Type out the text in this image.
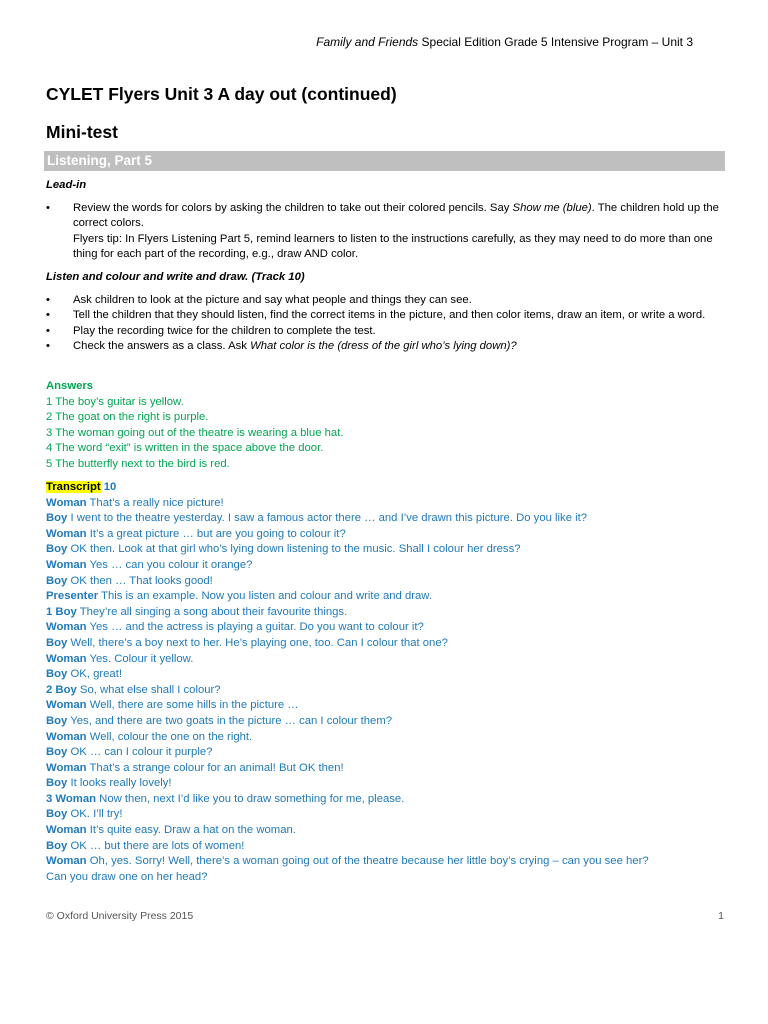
Family and Friends Special Edition Grade 5 Intensive Program – Unit 3
CYLET Flyers Unit 3 A day out (continued)
Mini-test
Listening, Part 5
Lead-in
• Review the words for colors by asking the children to take out their colored pencils. Say Show me (blue). The children hold up the correct colors.
Flyers tip: In Flyers Listening Part 5, remind learners to listen to the instructions carefully, as they may need to do more than one thing for each part of the recording, e.g., draw AND color.
Listen and colour and write and draw. (Track 10)
• Ask children to look at the picture and say what people and things they can see.
• Tell the children that they should listen, find the correct items in the picture, and then color items, draw an item, or write a word.
• Play the recording twice for the children to complete the test.
• Check the answers as a class. Ask What color is the (dress of the girl who’s lying down)?
Answers
1 The boy’s guitar is yellow.
2 The goat on the right is purple.
3 The woman going out of the theatre is wearing a blue hat.
4 The word “exit” is written in the space above the door.
5 The butterfly next to the bird is red.
Transcript 10
Woman That’s a really nice picture!
Boy I went to the theatre yesterday. I saw a famous actor there … and I’ve drawn this picture. Do you like it?
Woman It’s a great picture … but are you going to colour it?
Boy OK then. Look at that girl who’s lying down listening to the music. Shall I colour her dress?
Woman Yes … can you colour it orange?
Boy OK then … That looks good!
Presenter This is an example. Now you listen and colour and write and draw.
1 Boy They’re all singing a song about their favourite things.
Woman Yes … and the actress is playing a guitar. Do you want to colour it?
Boy Well, there’s a boy next to her. He’s playing one, too. Can I colour that one?
Woman Yes. Colour it yellow.
Boy OK, great!
2 Boy So, what else shall I colour?
Woman Well, there are some hills in the picture …
Boy Yes, and there are two goats in the picture … can I colour them?
Woman Well, colour the one on the right.
Boy OK … can I colour it purple?
Woman That’s a strange colour for an animal! But OK then!
Boy It looks really lovely!
3 Woman Now then, next I’d like you to draw something for me, please.
Boy OK. I’ll try!
Woman It’s quite easy. Draw a hat on the woman.
Boy OK … but there are lots of women!
Woman Oh, yes. Sorry! Well, there’s a woman going out of the theatre because her little boy’s crying – can you see her?
Can you draw one on her head?
© Oxford University Press 2015	1
